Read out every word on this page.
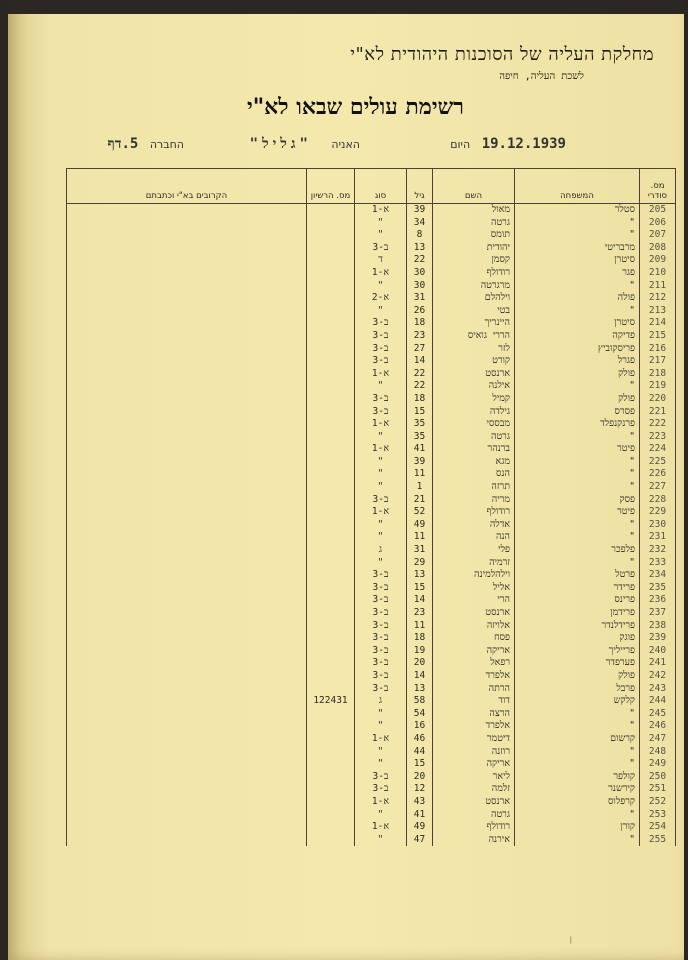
מחלקת העליה של הסוכנות היהודית לא"י
לשכת העליה, חיפה
רשימת עולים שבאו לא"י
19.12.1939 היום
האניה "גליל"
החברה 5.דף
מס. סודרי	המשפחה	השם	גיל	סוג	מס. הרשיון	הקרובים בא"י וכתבתם
205	סטלר	מאול	39	א-1		
206	"	גרטה	34	"		
207	"	תומס	8	"		
208	מרבריטי	יהודית	13	ב-3		
209	סיטרן	קסמן	22	ד		
210	פגר	רודולף	30	א-1		
211	"	מרגרטה	30	"		
212	פולה	וילהלם	31	א-2		
213	"	בטי	26	"		
214	סיטרן	היינריך	18	ב-3		
215	פדיקה	הררי גואיס	23	ב-3		
216	פריסקוביץ	לזר	27	ב-3		
217	פגרל	קורט	14	ב-3		
218	פולק	ארנסט	22	א-1		
219	"	אילנה	22	"		
220	פולק	קמיל	18	ב-3		
221	פסרס	גילדה	15	ב-3		
222	פרנקנפלד	מבססי	35	א-1		
223	"	גרטה	35	"		
224	פיטר	ברנהר	41	א-1		
225	"	מגא	39	"		
226	"	הנס	11	"		
227	"	תרזה	1	"		
228	פסק	מריה	21	ב-3		
229	פיטר	רודולף	52	א-1		
230	"	אדלה	49	"		
231	"	הנה	11	"		
232	פלפכר	פלי	31	ג		
233	"	זרמיה	29	"		
234	פרטל	וילהלמינה	13	ב-3		
235	פרידר	אליל	15	ב-3		
236	פרינס	הרי	14	ב-3		
237	פרידמן	ארנסט	23	ב-3		
238	פרידלנדר	אלויזה	11	ב-3		
239	פוגק	פסח	18	ב-3		
240	פרייליך	אריקה	19	ב-3		
241	פערפדר	רפאל	20	ב-3		
242	פולק	אלפרד	14	ב-3		
243	פרבל	הרתה	13	ב-3		
244	קלקש	דוד	58	ג	122431	
245	"	הרצה	54	"		
246	"	אלפרד	16	"		
247	קרשום	דיטמר	46	א-1		
248	"	רוזנה	44	"		
249	"	אריקה	15	"		
250	קולפר	ליאר	20	ב-3		
251	קירשנר	זלמה	12	ב-3		
252	קרפלוס	ארנסט	43	א-1		
253	"	גרטה	41	"		
254	קורן	רודולף	49	א-1		
255	"	אירנה	47	"		
❘
